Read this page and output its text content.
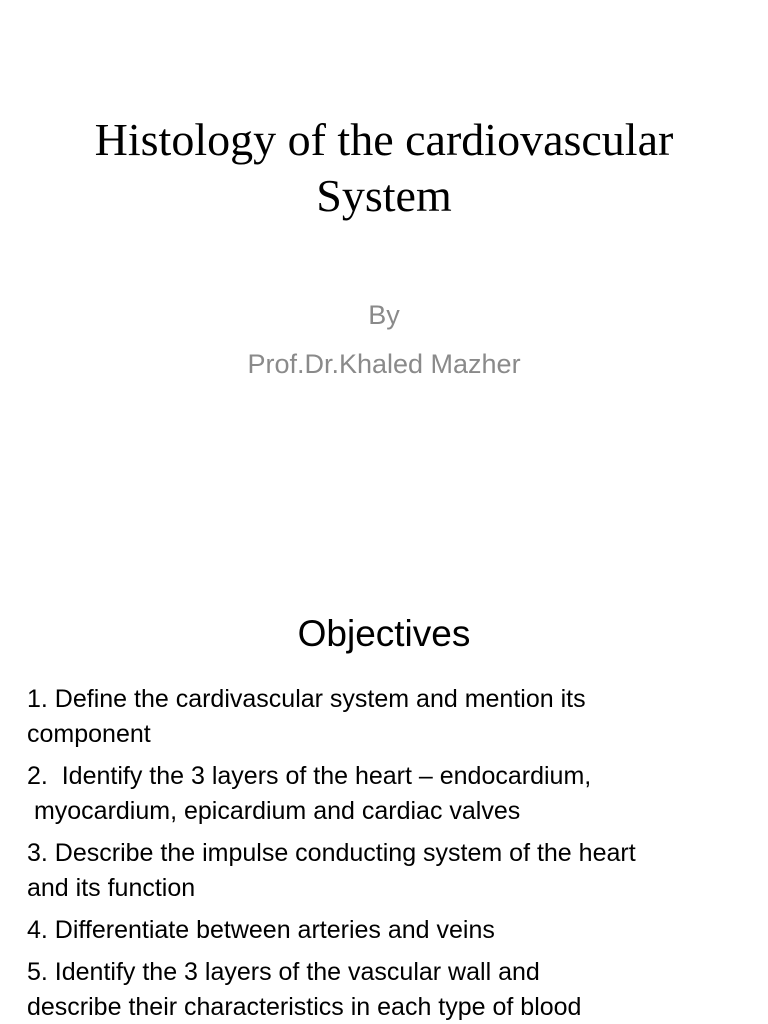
Histology of the cardiovascular
System
By
Prof.Dr.Khaled Mazher
Objectives

1. Define the cardivascular system and mention its
component

2.  Identify the 3 layers of the heart – endocardium,
myocardium, epicardium and cardiac valves

3. Describe the impulse conducting system of the heart
and its function

4. Differentiate between arteries and veins

5. Identify the 3 layers of the vascular wall and
describe their characteristics in each type of blood
